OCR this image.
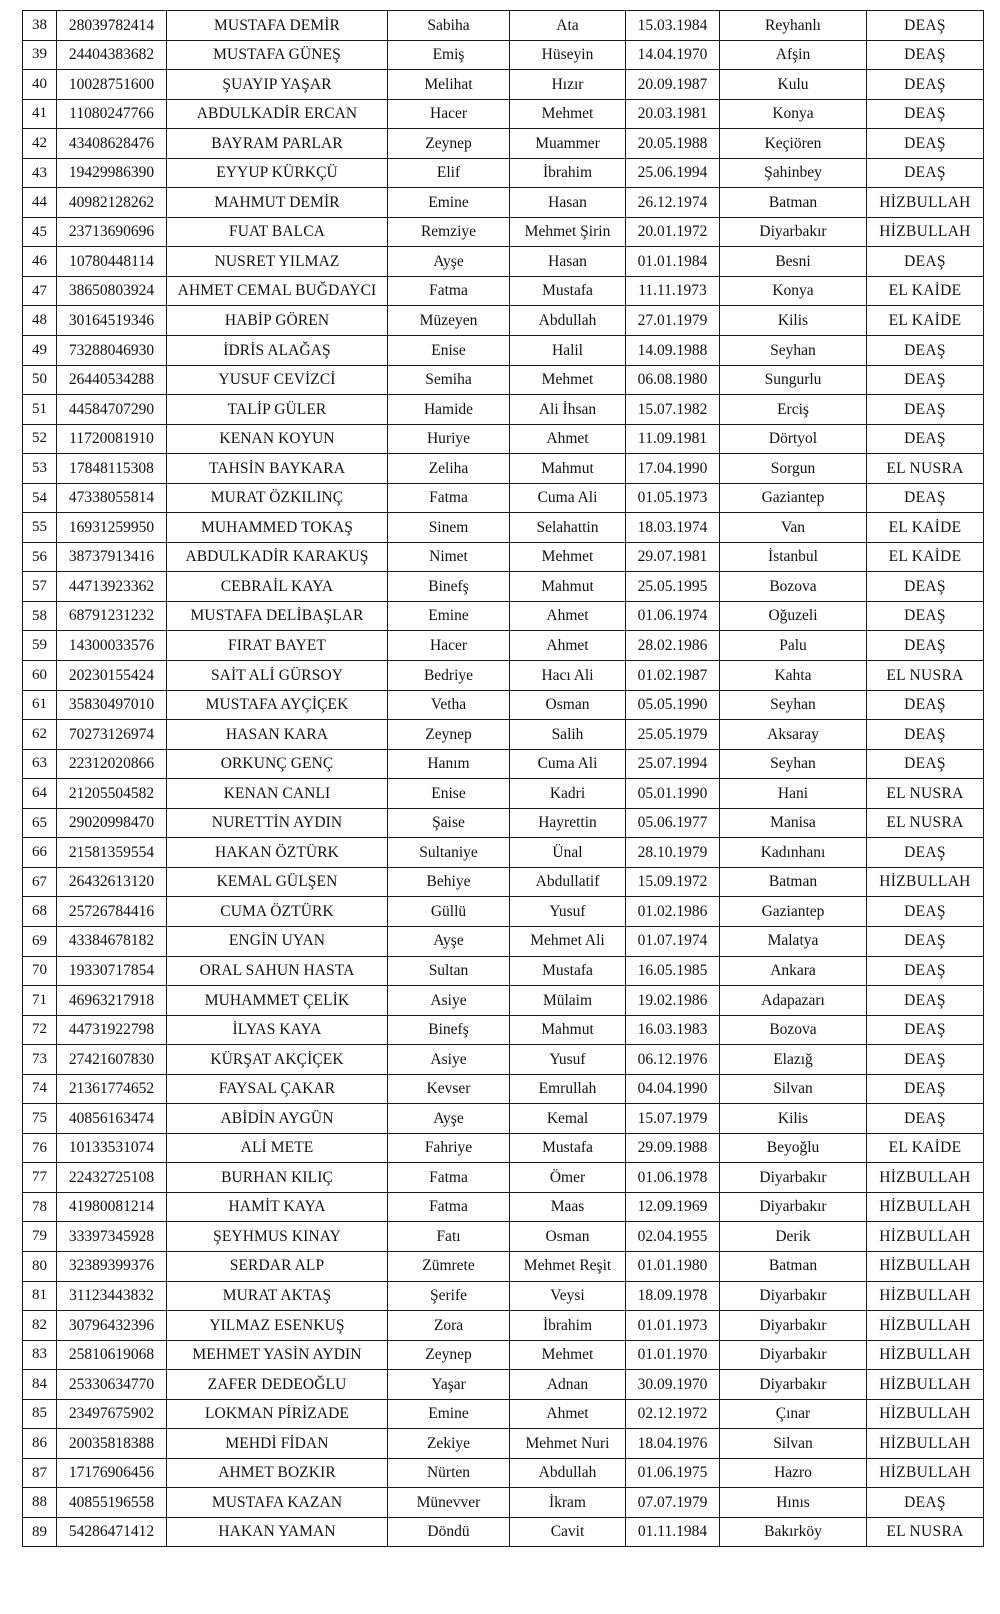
38	28039782414	MUSTAFA DEMİR	Sabiha	Ata	15.03.1984	Reyhanlı	DEAŞ
39	24404383682	MUSTAFA GÜNEŞ	Emiş	Hüseyin	14.04.1970	Afşin	DEAŞ
40	10028751600	ŞUAYIP YAŞAR	Melihat	Hızır	20.09.1987	Kulu	DEAŞ
41	11080247766	ABDULKADİR ERCAN	Hacer	Mehmet	20.03.1981	Konya	DEAŞ
42	43408628476	BAYRAM PARLAR	Zeynep	Muammer	20.05.1988	Keçiören	DEAŞ
43	19429986390	EYYUP KÜRKÇÜ	Elif	İbrahim	25.06.1994	Şahinbey	DEAŞ
44	40982128262	MAHMUT DEMİR	Emine	Hasan	26.12.1974	Batman	HİZBULLAH
45	23713690696	FUAT BALCA	Remziye	Mehmet Şirin	20.01.1972	Diyarbakır	HİZBULLAH
46	10780448114	NUSRET YILMAZ	Ayşe	Hasan	01.01.1984	Besni	DEAŞ
47	38650803924	AHMET CEMAL BUĞDAYCI	Fatma	Mustafa	11.11.1973	Konya	EL KAİDE
48	30164519346	HABİP GÖREN	Müzeyen	Abdullah	27.01.1979	Kilis	EL KAİDE
49	73288046930	İDRİS ALAĞAŞ	Enise	Halil	14.09.1988	Seyhan	DEAŞ
50	26440534288	YUSUF CEVİZCİ	Semiha	Mehmet	06.08.1980	Sungurlu	DEAŞ
51	44584707290	TALİP GÜLER	Hamide	Ali İhsan	15.07.1982	Erciş	DEAŞ
52	11720081910	KENAN KOYUN	Huriye	Ahmet	11.09.1981	Dörtyol	DEAŞ
53	17848115308	TAHSİN BAYKARA	Zeliha	Mahmut	17.04.1990	Sorgun	EL NUSRA
54	47338055814	MURAT ÖZKILINÇ	Fatma	Cuma Ali	01.05.1973	Gaziantep	DEAŞ
55	16931259950	MUHAMMED TOKAŞ	Sinem	Selahattin	18.03.1974	Van	EL KAİDE
56	38737913416	ABDULKADİR KARAKUŞ	Nimet	Mehmet	29.07.1981	İstanbul	EL KAİDE
57	44713923362	CEBRAİL KAYA	Binefş	Mahmut	25.05.1995	Bozova	DEAŞ
58	68791231232	MUSTAFA DELİBAŞLAR	Emine	Ahmet	01.06.1974	Oğuzeli	DEAŞ
59	14300033576	FIRAT BAYET	Hacer	Ahmet	28.02.1986	Palu	DEAŞ
60	20230155424	SAİT ALİ GÜRSOY	Bedriye	Hacı Ali	01.02.1987	Kahta	EL NUSRA
61	35830497010	MUSTAFA AYÇİÇEK	Vetha	Osman	05.05.1990	Seyhan	DEAŞ
62	70273126974	HASAN KARA	Zeynep	Salih	25.05.1979	Aksaray	DEAŞ
63	22312020866	ORKUNÇ GENÇ	Hanım	Cuma Ali	25.07.1994	Seyhan	DEAŞ
64	21205504582	KENAN CANLI	Enise	Kadri	05.01.1990	Hani	EL NUSRA
65	29020998470	NURETTİN AYDIN	Şaise	Hayrettin	05.06.1977	Manisa	EL NUSRA
66	21581359554	HAKAN ÖZTÜRK	Sultaniye	Ünal	28.10.1979	Kadınhanı	DEAŞ
67	26432613120	KEMAL GÜLŞEN	Behiye	Abdullatif	15.09.1972	Batman	HİZBULLAH
68	25726784416	CUMA ÖZTÜRK	Güllü	Yusuf	01.02.1986	Gaziantep	DEAŞ
69	43384678182	ENGİN UYAN	Ayşe	Mehmet Ali	01.07.1974	Malatya	DEAŞ
70	19330717854	ORAL SAHUN HASTA	Sultan	Mustafa	16.05.1985	Ankara	DEAŞ
71	46963217918	MUHAMMET ÇELİK	Asiye	Mülaim	19.02.1986	Adapazarı	DEAŞ
72	44731922798	İLYAS KAYA	Binefş	Mahmut	16.03.1983	Bozova	DEAŞ
73	27421607830	KÜRŞAT AKÇİÇEK	Asiye	Yusuf	06.12.1976	Elazığ	DEAŞ
74	21361774652	FAYSAL ÇAKAR	Kevser	Emrullah	04.04.1990	Silvan	DEAŞ
75	40856163474	ABİDİN AYGÜN	Ayşe	Kemal	15.07.1979	Kilis	DEAŞ
76	10133531074	ALİ METE	Fahriye	Mustafa	29.09.1988	Beyoğlu	EL KAİDE
77	22432725108	BURHAN KILIÇ	Fatma	Ömer	01.06.1978	Diyarbakır	HİZBULLAH
78	41980081214	HAMİT KAYA	Fatma	Maas	12.09.1969	Diyarbakır	HİZBULLAH
79	33397345928	ŞEYHMUS KINAY	Fatı	Osman	02.04.1955	Derik	HİZBULLAH
80	32389399376	SERDAR ALP	Zümrete	Mehmet Reşit	01.01.1980	Batman	HİZBULLAH
81	31123443832	MURAT AKTAŞ	Şerife	Veysi	18.09.1978	Diyarbakır	HİZBULLAH
82	30796432396	YILMAZ ESENKUŞ	Zora	İbrahim	01.01.1973	Diyarbakır	HİZBULLAH
83	25810619068	MEHMET YASİN AYDIN	Zeynep	Mehmet	01.01.1970	Diyarbakır	HİZBULLAH
84	25330634770	ZAFER DEDEOĞLU	Yaşar	Adnan	30.09.1970	Diyarbakır	HİZBULLAH
85	23497675902	LOKMAN PİRİZADE	Emine	Ahmet	02.12.1972	Çınar	HİZBULLAH
86	20035818388	MEHDİ FİDAN	Zekiye	Mehmet Nuri	18.04.1976	Silvan	HİZBULLAH
87	17176906456	AHMET BOZKIR	Nürten	Abdullah	01.06.1975	Hazro	HİZBULLAH
88	40855196558	MUSTAFA KAZAN	Münevver	İkram	07.07.1979	Hınıs	DEAŞ
89	54286471412	HAKAN YAMAN	Döndü	Cavit	01.11.1984	Bakırköy	EL NUSRA
